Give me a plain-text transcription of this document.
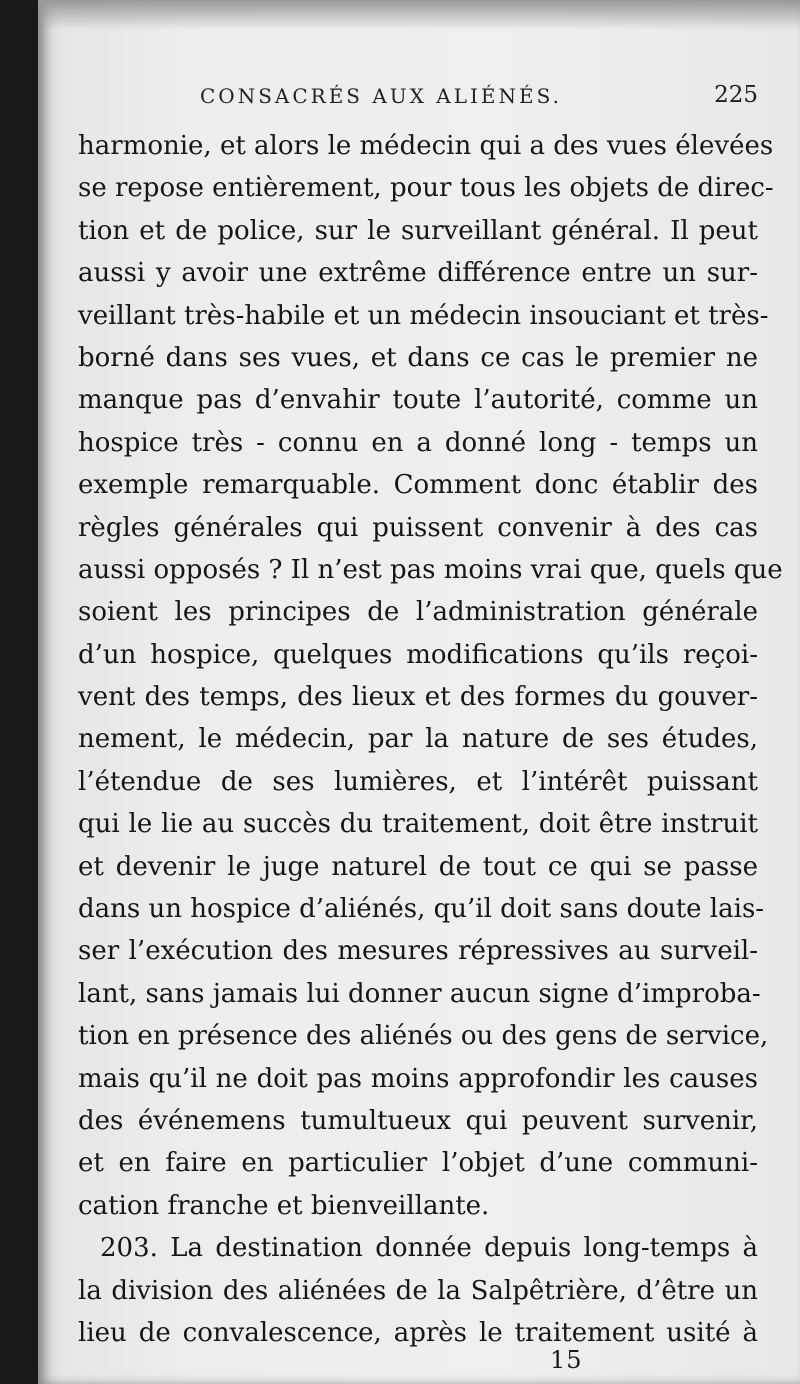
CONSACRÉS AUX ALIÉNÉS.	225
harmonie, et alors le médecin qui a des vues élevées
se repose entièrement, pour tous les objets de direc-
tion et de police, sur le surveillant général. Il peut
aussi y avoir une extrême différence entre un sur-
veillant très-habile et un médecin insouciant et très-
borné dans ses vues, et dans ce cas le premier ne
manque pas d’envahir toute l’autorité, comme un
hospice très - connu en a donné long - temps un
exemple remarquable. Comment donc établir des
règles générales qui puissent convenir à des cas
aussi opposés ? Il n’est pas moins vrai que, quels que
soient les principes de l’administration générale
d’un hospice, quelques modifications qu’ils reçoi-
vent des temps, des lieux et des formes du gouver-
nement, le médecin, par la nature de ses études,
l’étendue de ses lumières, et l’intérêt puissant
qui le lie au succès du traitement, doit être instruit
et devenir le juge naturel de tout ce qui se passe
dans un hospice d’aliénés, qu’il doit sans doute lais-
ser l’exécution des mesures répressives au surveil-
lant, sans jamais lui donner aucun signe d’improba-
tion en présence des aliénés ou des gens de service,
mais qu’il ne doit pas moins approfondir les causes
des événemens tumultueux qui peuvent survenir,
et en faire en particulier l’objet d’une communi-
cation franche et bienveillante.
203. La destination donnée depuis long-temps à
la division des aliénées de la Salpêtrière, d’être un
lieu de convalescence, après le traitement usité à
15
